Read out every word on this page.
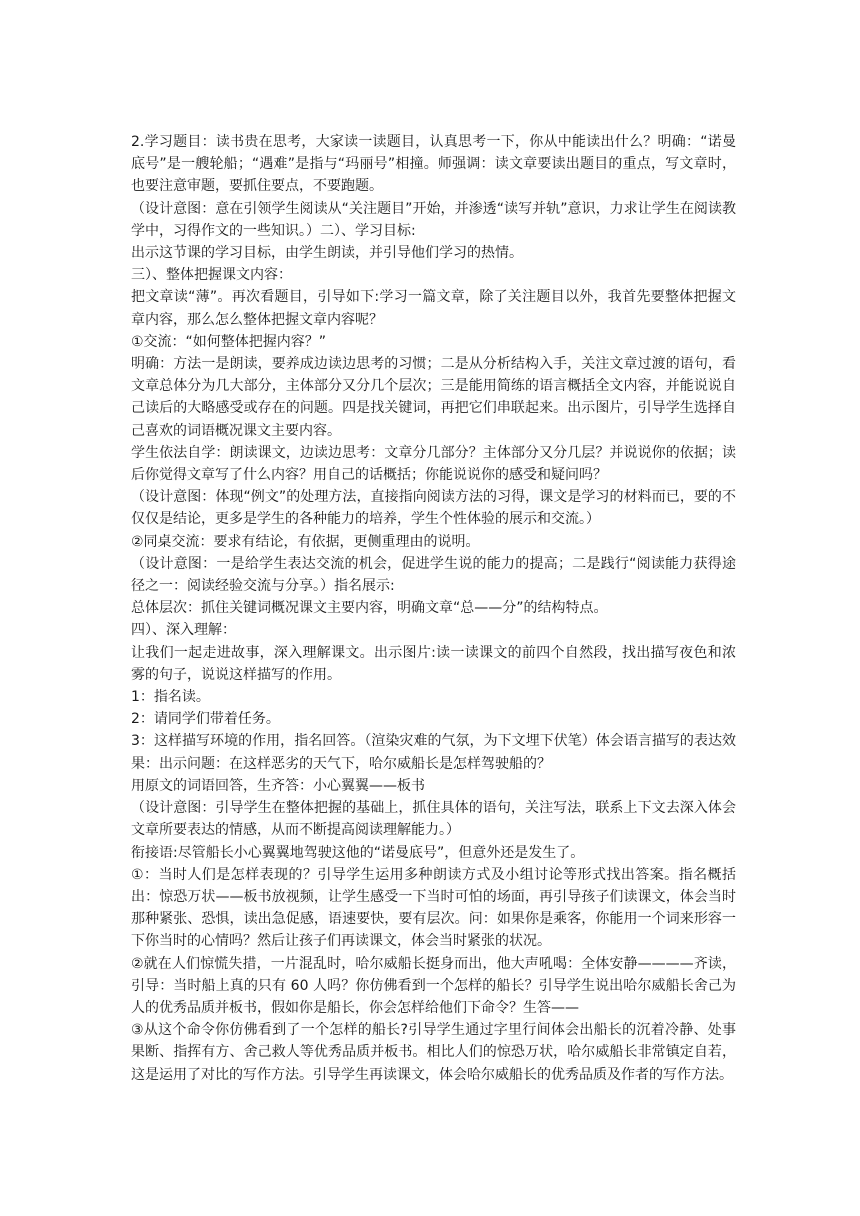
2.学习题目：读书贵在思考，大家读一读题目，认真思考一下，你从中能读出什么？明确：“诺曼底号”是一艘轮船；“遇难”是指与“玛丽号”相撞。师强调：读文章要读出题目的重点，写文章时，也要注意审题，要抓住要点，不要跑题。

（设计意图：意在引领学生阅读从“关注题目”开始，并渗透“读写并轨”意识，力求让学生在阅读教学中，习得作文的一些知识。）二）、学习目标:

出示这节课的学习目标，由学生朗读，并引导他们学习的热情。

三）、整体把握课文内容：

把文章读“薄”。再次看题目，引导如下:学习一篇文章，除了关注题目以外，我首先要整体把握文章内容，那么怎么整体把握文章内容呢？

①交流：“如何整体把握内容？”

明确：方法一是朗读，要养成边读边思考的习惯；二是从分析结构入手，关注文章过渡的语句，看文章总体分为几大部分，主体部分又分几个层次；三是能用简练的语言概括全文内容，并能说说自己读后的大略感受或存在的问题。四是找关键词，再把它们串联起来。出示图片，引导学生选择自己喜欢的词语概况课文主要内容。

学生依法自学：朗读课文，边读边思考：文章分几部分？主体部分又分几层？并说说你的依据；读后你觉得文章写了什么内容？用自己的话概括；你能说说你的感受和疑问吗？

（设计意图：体现“例文”的处理方法，直接指向阅读方法的习得，课文是学习的材料而已，要的不仅仅是结论，更多是学生的各种能力的培养，学生个性体验的展示和交流。）

②同桌交流：要求有结论，有依据，更侧重理由的说明。

（设计意图：一是给学生表达交流的机会，促进学生说的能力的提高；二是践行“阅读能力获得途径之一：阅读经验交流与分享。）指名展示:

总体层次：抓住关键词概况课文主要内容，明确文章“总——分”的结构特点。

四）、深入理解：

让我们一起走进故事，深入理解课文。出示图片:读一读课文的前四个自然段，找出描写夜色和浓雾的句子，说说这样描写的作用。

1：指名读。

2：请同学们带着任务。

3：这样描写环境的作用，指名回答。（渲染灾难的气氛，为下文埋下伏笔）体会语言描写的表达效果：出示问题：在这样恶劣的天气下，哈尔威船长是怎样驾驶船的？

用原文的词语回答，生齐答：小心翼翼——板书

（设计意图：引导学生在整体把握的基础上，抓住具体的语句，关注写法，联系上下文去深入体会文章所要表达的情感，从而不断提高阅读理解能力。）

衔接语:尽管船长小心翼翼地驾驶这他的“诺曼底号”，但意外还是发生了。

①：当时人们是怎样表现的？引导学生运用多种朗读方式及小组讨论等形式找出答案。指名概括出：惊恐万状——板书放视频，让学生感受一下当时可怕的场面，再引导孩子们读课文，体会当时那种紧张、恐惧，读出急促感，语速要快，要有层次。问：如果你是乘客，你能用一个词来形容一下你当时的心情吗？然后让孩子们再读课文，体会当时紧张的状况。

②就在人们惊慌失措，一片混乱时，哈尔威船长挺身而出，他大声吼喝：全体安静————齐读，引导：当时船上真的只有 60 人吗？你仿佛看到一个怎样的船长？引导学生说出哈尔威船长舍己为人的优秀品质并板书，假如你是船长，你会怎样给他们下命令？生答——

③从这个命令你仿佛看到了一个怎样的船长?引导学生通过字里行间体会出船长的沉着冷静、处事果断、指挥有方、舍己救人等优秀品质并板书。相比人们的惊恐万状，哈尔威船长非常镇定自若，这是运用了对比的写作方法。引导学生再读课文，体会哈尔威船长的优秀品质及作者的写作方法。
